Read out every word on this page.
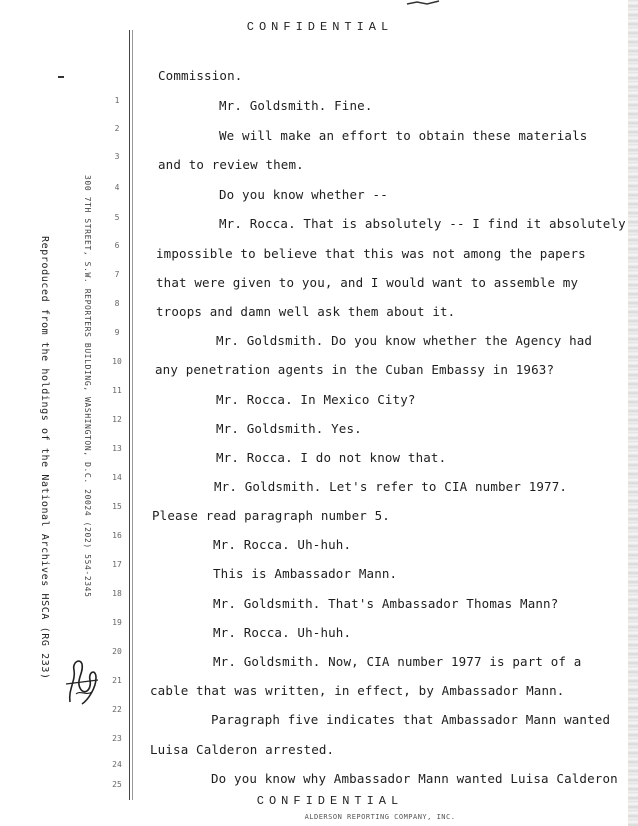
CONFIDENTIAL
Reproduced from the holdings of the National Archives HSCA (RG 233)	300 7TH STREET, S.W. REPORTERS BUILDING, WASHINGTON, D.C. 20024 (202) 554-2345
1
2
3
4
5
6
7
8
9
10
11
12
13
14
15
16
17
18
19
20
21
22
23
24
25
Commission.
Mr. Goldsmith. Fine.
We will make an effort to obtain these materials
and to review them.
Do you know whether --
Mr. Rocca. That is absolutely -- I find it absolutely
impossible to believe that this was not among the papers
that were given to you, and I would want to assemble my
troops and damn well ask them about it.
Mr. Goldsmith. Do you know whether the Agency had
any penetration agents in the Cuban Embassy in 1963?
Mr. Rocca. In Mexico City?
Mr. Goldsmith. Yes.
Mr. Rocca. I do not know that.
Mr. Goldsmith. Let's refer to CIA number 1977.
Please read paragraph number 5.
Mr. Rocca. Uh-huh.
This is Ambassador Mann.
Mr. Goldsmith. That's Ambassador Thomas Mann?
Mr. Rocca. Uh-huh.
Mr. Goldsmith. Now, CIA number 1977 is part of a
cable that was written, in effect, by Ambassador Mann.
Paragraph five indicates that Ambassador Mann wanted
Luisa Calderon arrested.
Do you know why Ambassador Mann wanted Luisa Calderon
CONFIDENTIAL
ALDERSON REPORTING COMPANY, INC.
